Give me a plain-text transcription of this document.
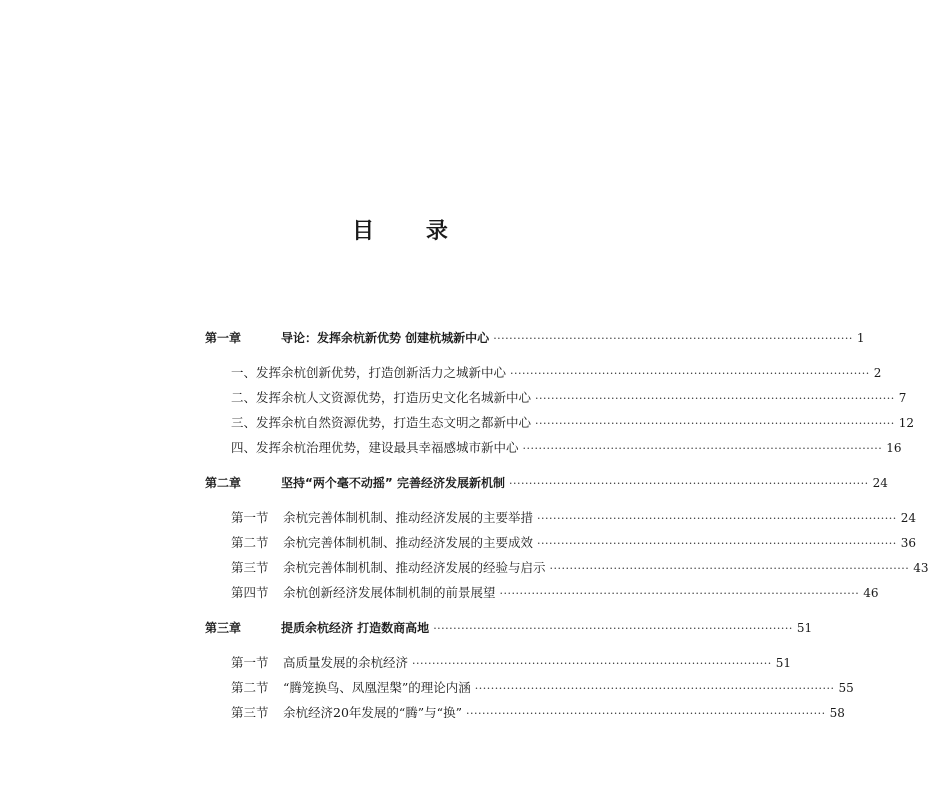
目 录
第一章	导论：发挥余杭新优势 创建杭城新中心 ·····	1
一、发挥余杭创新优势，打造创新活力之城新中心 ·····	2
二、发挥余杭人文资源优势，打造历史文化名城新中心 ·····	7
三、发挥余杭自然资源优势，打造生态文明之都新中心 ·····	12
四、发挥余杭治理优势，建设最具幸福感城市新中心 ·····	16
第二章	坚持“两个毫不动摇” 完善经济发展新机制 ·····	24
第一节	余杭完善体制机制、推动经济发展的主要举措 ·····	24
第二节	余杭完善体制机制、推动经济发展的主要成效 ·····	36
第三节	余杭完善体制机制、推动经济发展的经验与启示 ·····	43
第四节	余杭创新经济发展体制机制的前景展望 ·····	46
第三章	提质余杭经济 打造数商高地 ·····	51
第一节	高质量发展的余杭经济 ·····	51
第二节	“腾笼换鸟、凤凰涅槃”的理论内涵 ·····	55
第三节	余杭经济20年发展的“腾”与“换” ·····	58
